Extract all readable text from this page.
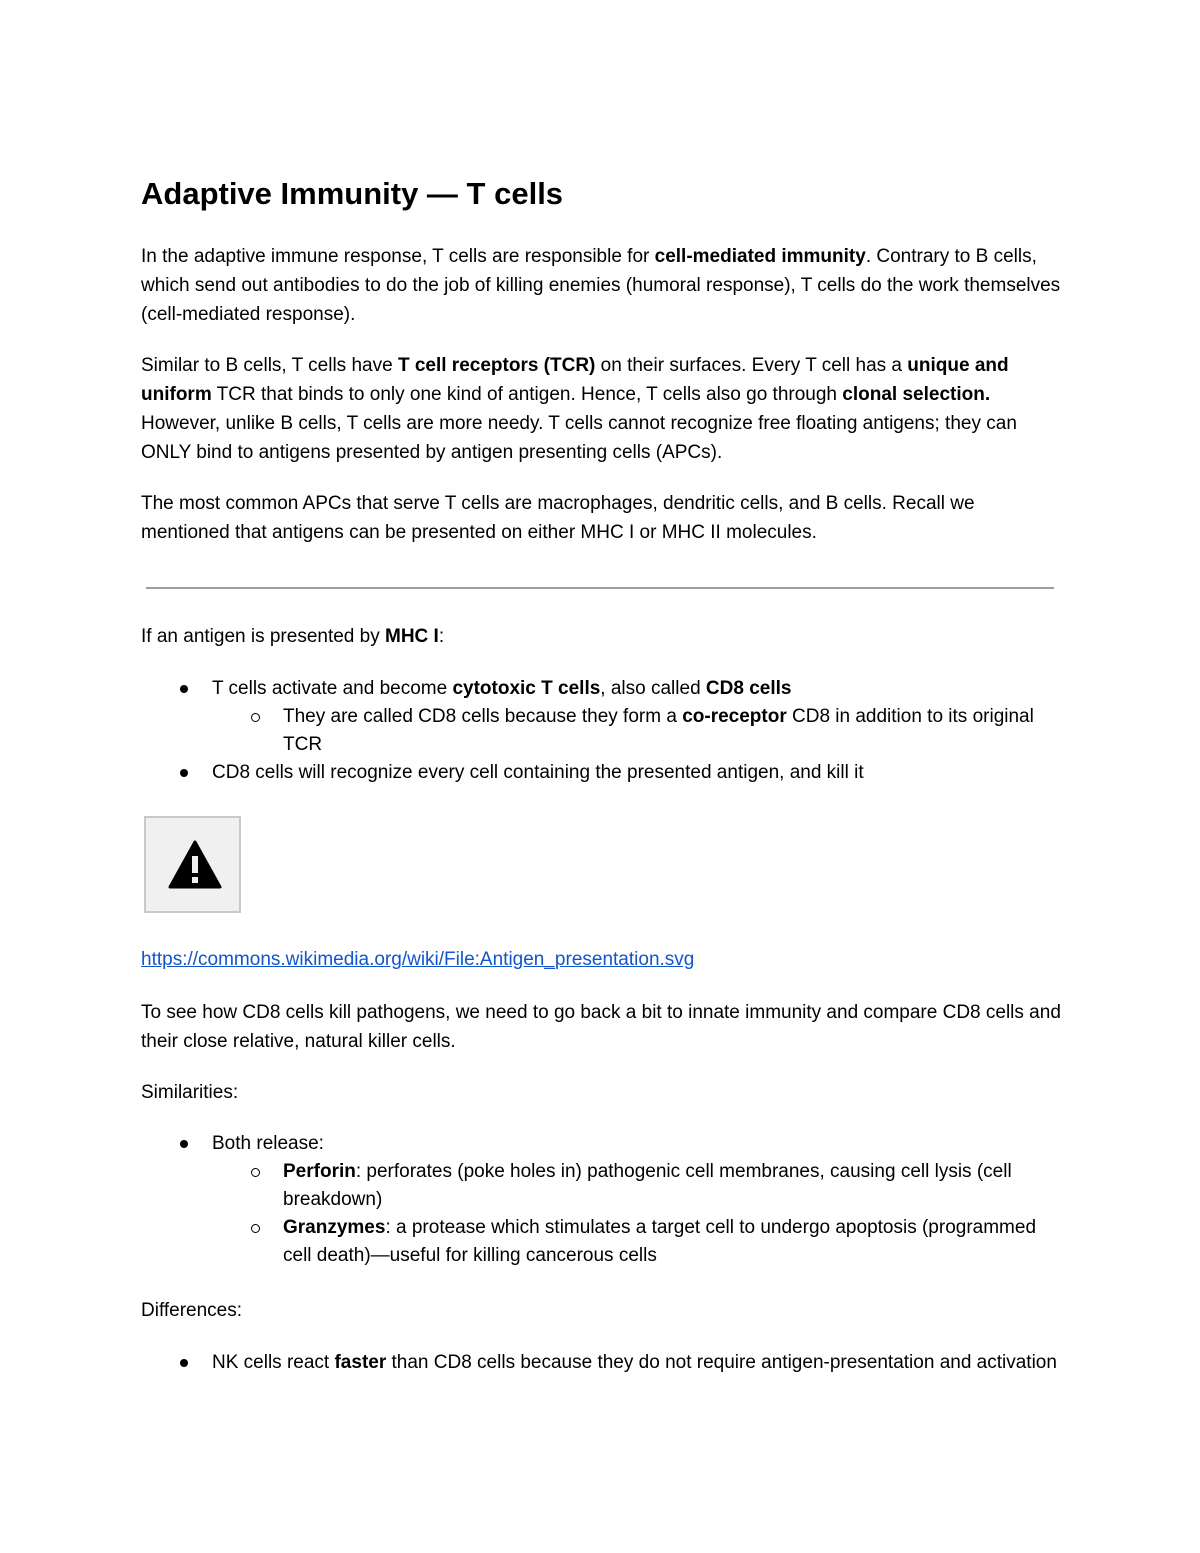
Adaptive Immunity — T cells

In the adaptive immune response, T cells are responsible for cell-mediated immunity. Contrary to B cells, which send out antibodies to do the job of killing enemies (humoral response), T cells do the work themselves (cell-mediated response).

Similar to B cells, T cells have T cell receptors (TCR) on their surfaces. Every T cell has a unique and uniform TCR that binds to only one kind of antigen. Hence, T cells also go through clonal selection. However, unlike B cells, T cells are more needy. T cells cannot recognize free floating antigens; they can ONLY bind to antigens presented by antigen presenting cells (APCs).

The most common APCs that serve T cells are macrophages, dendritic cells, and B cells. Recall we mentioned that antigens can be presented on either MHC I or MHC II molecules.

If an antigen is presented by MHC I:

T cells activate and become cytotoxic T cells, also called CD8 cells
They are called CD8 cells because they form a co-receptor CD8 in addition to its original TCR
CD8 cells will recognize every cell containing the presented antigen, and kill it
https://commons.wikimedia.org/wiki/File:Antigen_presentation.svg

To see how CD8 cells kill pathogens, we need to go back a bit to innate immunity and compare CD8 cells and their close relative, natural killer cells.

Similarities:

Both release:
Perforin: perforates (poke holes in) pathogenic cell membranes, causing cell lysis (cell breakdown)
Granzymes: a protease which stimulates a target cell to undergo apoptosis (programmed cell death)—useful for killing cancerous cells

Differences:

NK cells react faster than CD8 cells because they do not require antigen-presentation and activation
